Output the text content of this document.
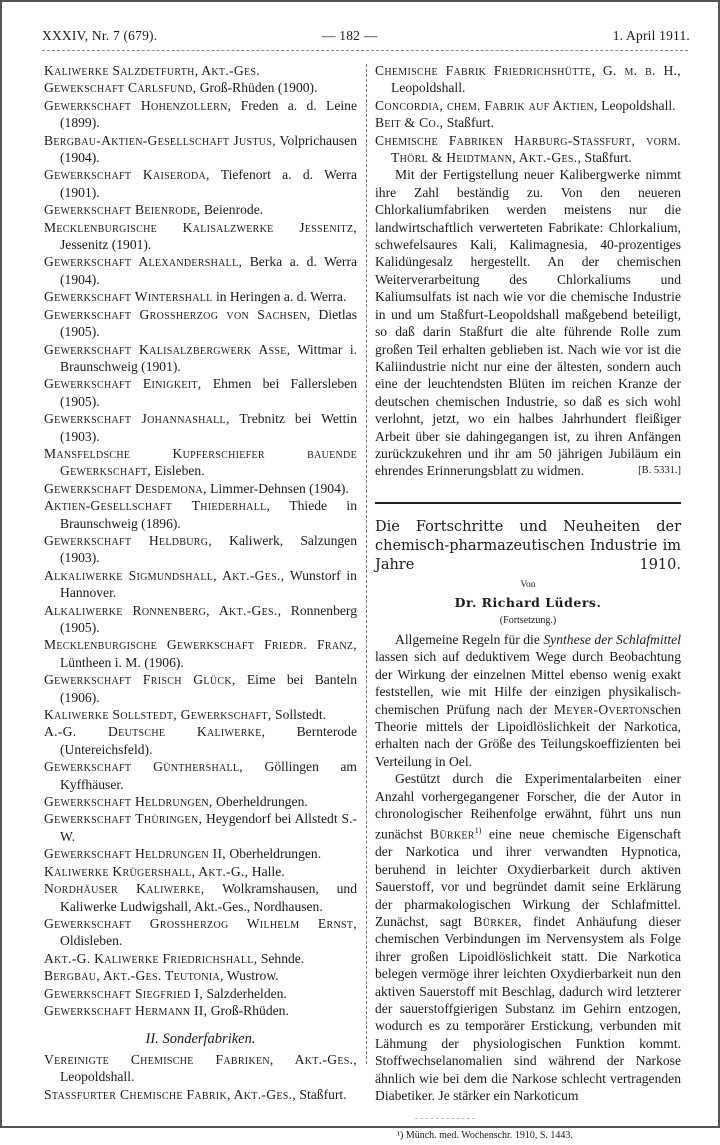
XXXIV, Nr. 7 (679).	— 182 —	1. April 1911.
Kaliwerke Salzdetfurth, Akt.-Ges.
Gewekschaft Carlsfund, Groß-Rhüden (1900).
Gewerkschaft Hohenzollern, Freden a. d. Leine (1899).
Bergbau-Aktien-Gesellschaft Justus, Volprichausen (1904).
Gewerkschaft Kaiseroda, Tiefenort a. d. Werra (1901).
Gewerkschaft Beienrode, Beienrode.
Mecklenburgische Kalisalzwerke Jessenitz, Jessenitz (1901).
Gewerkschaft Alexandershall, Berka a. d. Werra (1904).
Gewerkschaft Wintershall in Heringen a. d. Werra.
Gewerkschaft Grossherzog von Sachsen, Dietlas (1905).
Gewerkschaft Kalisalzbergwerk Asse, Wittmar i. Braunschweig (1901).
Gewerkschaft Einigkeit, Ehmen bei Fallersleben (1905).
Gewerkschaft Johannashall, Trebnitz bei Wettin (1903).
Mansfeldsche Kupferschiefer bauende Gewerkschaft, Eisleben.
Gewerkschaft Desdemona, Limmer-Dehnsen (1904).
Aktien-Gesellschaft Thiederhall, Thiede in Braunschweig (1896).
Gewerkschaft Heldburg, Kaliwerk, Salzungen (1903).
Alkaliwerke Sigmundshall, Akt.-Ges., Wunstorf in Hannover.
Alkaliwerke Ronnenberg, Akt.-Ges., Ronnenberg (1905).
Mecklenburgische Gewerkschaft Friedr. Franz, Lüntheen i. M. (1906).
Gewerkschaft Frisch Glück, Eime bei Banteln (1906).
Kaliwerke Sollstedt, Gewerkschaft, Sollstedt.
A.-G. Deutsche Kaliwerke, Bernterode (Untereichsfeld).
Gewerkschaft Günthershall, Göllingen am Kyffhäuser.
Gewerkschaft Heldrungen, Oberheldrungen.
Gewerkschaft Thüringen, Heygendorf bei Allstedt S.-W.
Gewerkschaft Heldrungen II, Oberheldrungen.
Kaliwerke Krügershall, Akt.-G., Halle.
Nordhäuser Kaliwerke, Wolkramshausen, und Kaliwerke Ludwigshall, Akt.-Ges., Nordhausen.
Gewerkschaft Grossherzog Wilhelm Ernst, Oldisleben.
Akt.-G. Kaliwerke Friedrichshall, Sehnde.
Bergbau, Akt.-Ges. Teutonia, Wustrow.
Gewerkschaft Siegfried I, Salzderhelden.
Gewerkschaft Hermann II, Groß-Rhüden.
II. Sonderfabriken.
Vereinigte Chemische Fabriken, Akt.-Ges., Leopoldshall.
Stassfurter Chemische Fabrik, Akt.-Ges., Staßfurt.
Chemische Fabrik Friedrichshütte, G. m. b. H., Leopoldshall.
Concordia, chem. Fabrik auf Aktien, Leopoldshall.
Beit & Co., Staßfurt.
Chemische Fabriken Harburg-Stassfurt, vorm. Thörl & Heidtmann, Akt.-Ges., Staßfurt.
Mit der Fertigstellung neuer Kalibergwerke nimmt ihre Zahl beständig zu. Von den neueren Chlorkaliumfabriken werden meistens nur die landwirtschaftlich verwerteten Fabrikate: Chlorkalium, schwefelsaures Kali, Kalimagnesia, 40-prozentiges Kalidüngesalz hergestellt. An der chemischen Weiterverarbeitung des Chlorkaliums und Kaliumsulfats ist nach wie vor die chemische Industrie in und um Staßfurt-Leopoldshall maßgebend beteiligt, so daß darin Staßfurt die alte führende Rolle zum großen Teil erhalten geblieben ist. Nach wie vor ist die Kaliindustrie nicht nur eine der ältesten, sondern auch eine der leuchtendsten Blüten im reichen Kranze der deutschen chemischen Industrie, so daß es sich wohl verlohnt, jetzt, wo ein halbes Jahrhundert fleißiger Arbeit über sie dahingegangen ist, zu ihren Anfängen zurückzukehren und ihr am 50 jährigen Jubiläum ein ehrendes Erinnerungsblatt zu widmen.	[B. 5331.]
Die Fortschritte und Neuheiten der chemisch-pharmazeutischen Industrie im Jahre 1910.
Von
Dr. Richard Lüders.
(Fortsetzung.)
Allgemeine Regeln für die Synthese der Schlafmittel lassen sich auf deduktivem Wege durch Beobachtung der Wirkung der einzelnen Mittel ebenso wenig exakt feststellen, wie mit Hilfe der einzigen physikalisch-chemischen Prüfung nach der Meyer-Overtonschen Theorie mittels der Lipoidlöslichkeit der Narkotica, erhalten nach der Größe des Teilungskoeffizienten bei Verteilung in Oel.
Gestützt durch die Experimentalarbeiten einer Anzahl vorhergegangener Forscher, die der Autor in chronologischer Reihenfolge erwähnt, führt uns nun zunächst Bürker$^{1)}$ eine neue chemische Eigenschaft der Narkotica und ihrer verwandten Hypnotica, beruhend in leichter Oxydierbarkeit durch aktiven Sauerstoff, vor und begründet damit seine Erklärung der pharmakologischen Wirkung der Schlafmittel. Zunächst, sagt Bürker, findet Anhäufung dieser chemischen Verbindungen im Nervensystem als Folge ihrer großen Lipoidlöslichkeit statt. Die Narkotica belegen vermöge ihrer leichten Oxydierbarkeit nun den aktiven Sauerstoff mit Beschlag, dadurch wird letzterer der sauerstoffgierigen Substanz im Gehirn entzogen, wodurch es zu temporärer Erstickung, verbunden mit Lähmung der physiologischen Funktion kommt. Stoffwechselanomalien sind während der Narkose ähnlich wie bei dem die Narkose schlecht vertragenden Diabetiker. Je stärker ein Narkoticum
¹) Münch. med. Wochenschr. 1910, S. 1443.
